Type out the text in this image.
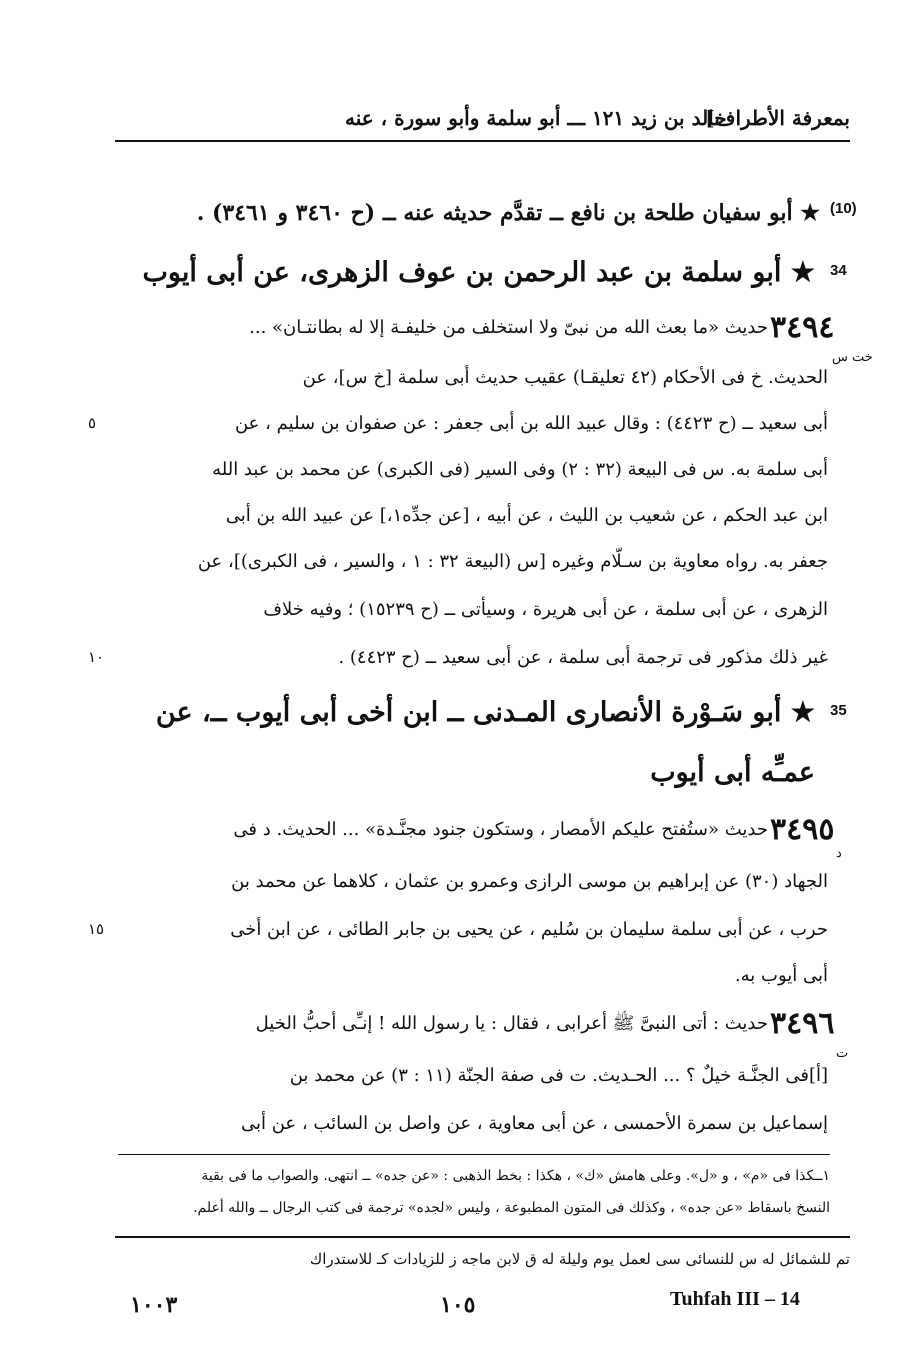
خالد بن زيد ١٢١ ـــ أبو سلمة وأبو سورة ، عنه
بمعرفة الأطراف]
★ أبو سفيان طلحة بن نافع ــ تقدَّم حديثه عنه ــ (ح ٣٤٦٠ و ٣٤٦١) . (10)
★ أبو سلمة بن عبد الرحمن بن عوف الزهرى، عن أبى أيوب 34
٣٤٩٤
خت س
حديث «ما بعث الله من نبىّ ولا استخلف من خليفـة إلا له بطانتـان» ...
الحديث. خ فى الأحكام (٤٢ تعليقـا) عقيب حديث أبى سلمة [خ س]، عن
أبى سعيد ــ (ح ٤٤٢٣) : وقال عبيد الله بن أبى جعفر : عن صفوان بن سليم ، عن
أبى سلمة به. س فى البيعة (٣٢ : ٢) وفى السير (فى الكبرى) عن محمد بن عبد الله
ابن عبد الحكم ، عن شعيب بن الليث ، عن أبيه ، [عن جدِّه١،] عن عبيد الله بن أبى
جعفر به. رواه معاوية بن سـلّام وغيره [س (البيعة ٣٢ : ١ ، والسير ، فى الكبرى)]، عن
الزهرى ، عن أبى سلمة ، عن أبى هريرة ، وسيأتى ــ (ح ١٥٢٣٩) ؛ وفيه خلاف
غير ذلك مذكور فى ترجمة أبى سلمة ، عن أبى سعيد ــ (ح ٤٤٢٣) .
٥
١٠
★ أبو سَـوْرة الأنصارى المـدنى ــ ابن أخى أبى أيوب ــ، عن
عمـِّه أبى أيوب
35
٣٤٩٥
د
حديث «ستُفتح عليكم الأمصار ، وستكون جنود مجنَّـدة» ... الحديث. د فى
الجهاد (٣٠) عن إبراهيم بن موسى الرازى وعمرو بن عثمان ، كلاهما عن محمد بن
حرب ، عن أبى سلمة سليمان بن سُليم ، عن يحيى بن جابر الطائى ، عن ابن أخى
أبى أيوب به.
١٥
٣٤٩٦
ت
حديث : أتى النبىَّ ﷺ أعرابى ، فقال : يا رسول الله ! إنـِّى أحبُّ الخيل
[أ]فى الجنَّـة خيلٌ ؟ ... الحـديث. ت فى صفة الجنّة (١١ : ٣) عن محمد بن
إسماعيل بن سمرة الأحمسى ، عن أبى معاوية ، عن واصل بن السائب ، عن أبى
١ــكذا فى «م» ، و «ل». وعلى هامش «ك» ، هكذا : بخط الذهبى : «عن جده» ــ انتهى. والصواب ما فى بقية
النسخ باسقاط «عن جده» ، وكذلك فى المتون المطبوعة ، وليس «لجده» ترجمة فى كتب الرجال ــ والله أعلم.
تم للشمائل له س للنسائى سى لعمل يوم وليلة له ق لابن ماجه ز للزيادات كـ للاستدراك
١٠٠٣	١٠٥	Tuhfah III – 14
